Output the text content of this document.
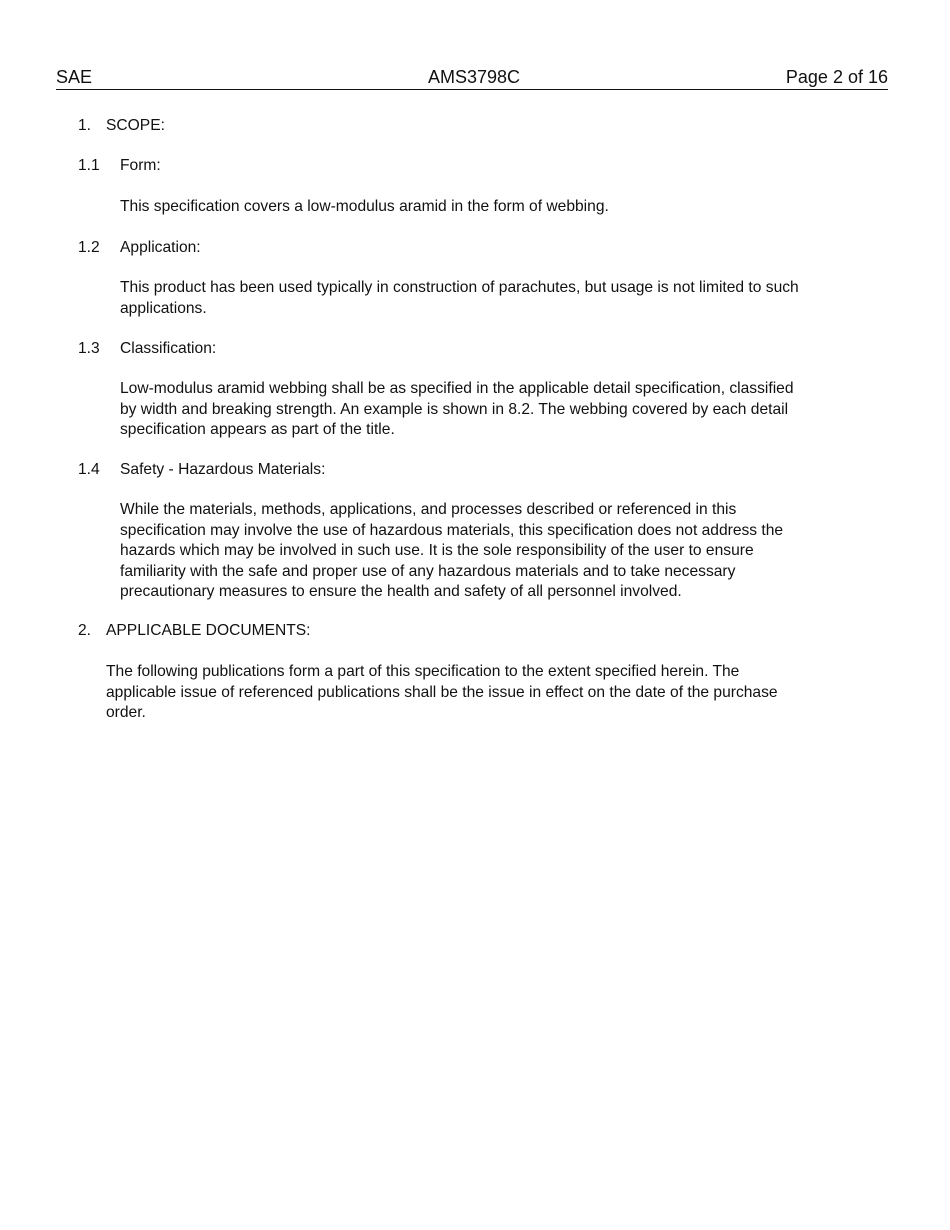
SAE	AMS3798C	Page 2 of 16
1. SCOPE:
1.1 Form:
This specification covers a low-modulus aramid in the form of webbing.
1.2 Application:
This product has been used typically in construction of parachutes, but usage is not limited to such
applications.
1.3 Classification:
Low-modulus aramid webbing shall be as specified in the applicable detail specification, classified
by width and breaking strength. An example is shown in 8.2. The webbing covered by each detail
specification appears as part of the title.
1.4 Safety - Hazardous Materials:
While the materials, methods, applications, and processes described or referenced in this
specification may involve the use of hazardous materials, this specification does not address the
hazards which may be involved in such use. It is the sole responsibility of the user to ensure
familiarity with the safe and proper use of any hazardous materials and to take necessary
precautionary measures to ensure the health and safety of all personnel involved.
2. APPLICABLE DOCUMENTS:
The following publications form a part of this specification to the extent specified herein. The
applicable issue of referenced publications shall be the issue in effect on the date of the purchase
order.
